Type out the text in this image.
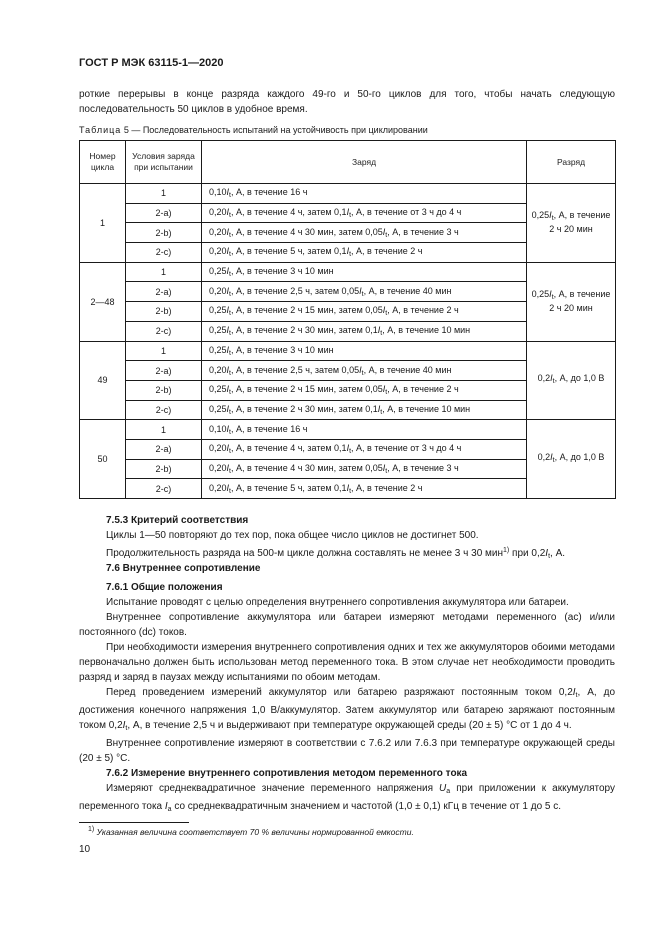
ГОСТ Р МЭК 63115-1—2020

роткие перерывы в конце разряда каждого 49-го и 50-го циклов для того, чтобы начать следующую последовательность 50 циклов в удобное время.

Таблица 5 — Последовательность испытаний на устойчивость при циклировании
Номер цикла	Условия заряда при испытании	Заряд	Разряд
1	1	$0,10I_t$, А, в течение 16 ч	$0,25I_t$, А, в течение 2 ч 20 мин
	2-a)	$0,20I_t$, А, в течение 4 ч, затем $0,1I_t$, А, в течение от 3 ч до 4 ч	
	2-b)	$0,20I_t$, А, в течение 4 ч 30 мин, затем $0,05I_t$, А, в течение 3 ч	
	2-c)	$0,20I_t$, А, в течение 5 ч, затем $0,1I_t$, А, в течение 2 ч	
2—48	1	$0,25I_t$, А, в течение 3 ч 10 мин	$0,25I_t$, А, в течение 2 ч 20 мин
	2-a)	$0,20I_t$, А, в течение 2,5 ч, затем $0,05I_t$, А, в течение 40 мин	
	2-b)	$0,25I_t$, А, в течение 2 ч 15 мин, затем $0,05I_t$, А, в течение 2 ч	
	2-c)	$0,25I_t$, А, в течение 2 ч 30 мин, затем $0,1I_t$, А, в течение 10 мин	
49	1	$0,25I_t$, А, в течение 3 ч 10 мин	$0,2I_t$, А, до 1,0 В
	2-a)	$0,20I_t$, А, в течение 2,5 ч, затем $0,05I_t$, А, в течение 40 мин	
	2-b)	$0,25I_t$, А, в течение 2 ч 15 мин, затем $0,05I_t$, А, в течение 2 ч	
	2-c)	$0,25I_t$, А, в течение 2 ч 30 мин, затем $0,1I_t$, А, в течение 10 мин	
50	1	$0,10I_t$, А, в течение 16 ч	$0,2I_t$, А, до 1,0 В
	2-a)	$0,20I_t$, А, в течение 4 ч, затем $0,1I_t$, А, в течение от 3 ч до 4 ч	
	2-b)	$0,20I_t$, А, в течение 4 ч 30 мин, затем $0,05I_t$, А, в течение 3 ч	
	2-c)	$0,20I_t$, А, в течение 5 ч, затем $0,1I_t$, А, в течение 2 ч	

7.5.3 Критерий соответствия
Циклы 1—50 повторяют до тех пор, пока общее число циклов не достигнет 500.
Продолжительность разряда на 500-м цикле должна составлять не менее 3 ч 30 мин$^{1)}$ при $0,2I_t$, А.

7.6 Внутреннее сопротивление
7.6.1 Общие положения
Испытание проводят с целью определения внутреннего сопротивления аккумулятора или батареи.
Внутреннее сопротивление аккумулятора или батареи измеряют методами переменного (ас) и/или постоянного (dc) токов.
При необходимости измерения внутреннего сопротивления одних и тех же аккумуляторов обоими методами первоначально должен быть использован метод переменного тока. В этом случае нет необходимости проводить разряд и заряд в паузах между испытаниями по обоим методам.
Перед проведением измерений аккумулятор или батарею разряжают постоянным током $0,2I_t$, А, до достижения конечного напряжения 1,0 В/аккумулятор. Затем аккумулятор или батарею заряжают постоянным током $0,2I_t$, А, в течение 2,5 ч и выдерживают при температуре окружающей среды (20 ± 5) °С от 1 до 4 ч.
Внутреннее сопротивление измеряют в соответствии с 7.6.2 или 7.6.3 при температуре окружающей среды (20 ± 5) °С.
7.6.2 Измерение внутреннего сопротивления методом переменного тока
Измеряют среднеквадратичное значение переменного напряжения $U_a$ при приложении к аккумулятору переменного тока $I_a$ со среднеквадратичным значением и частотой (1,0 ± 0,1) кГц в течение от 1 до 5 с.
$^{1)}$ Указанная величина соответствует 70 % величины нормированной емкости.
10
